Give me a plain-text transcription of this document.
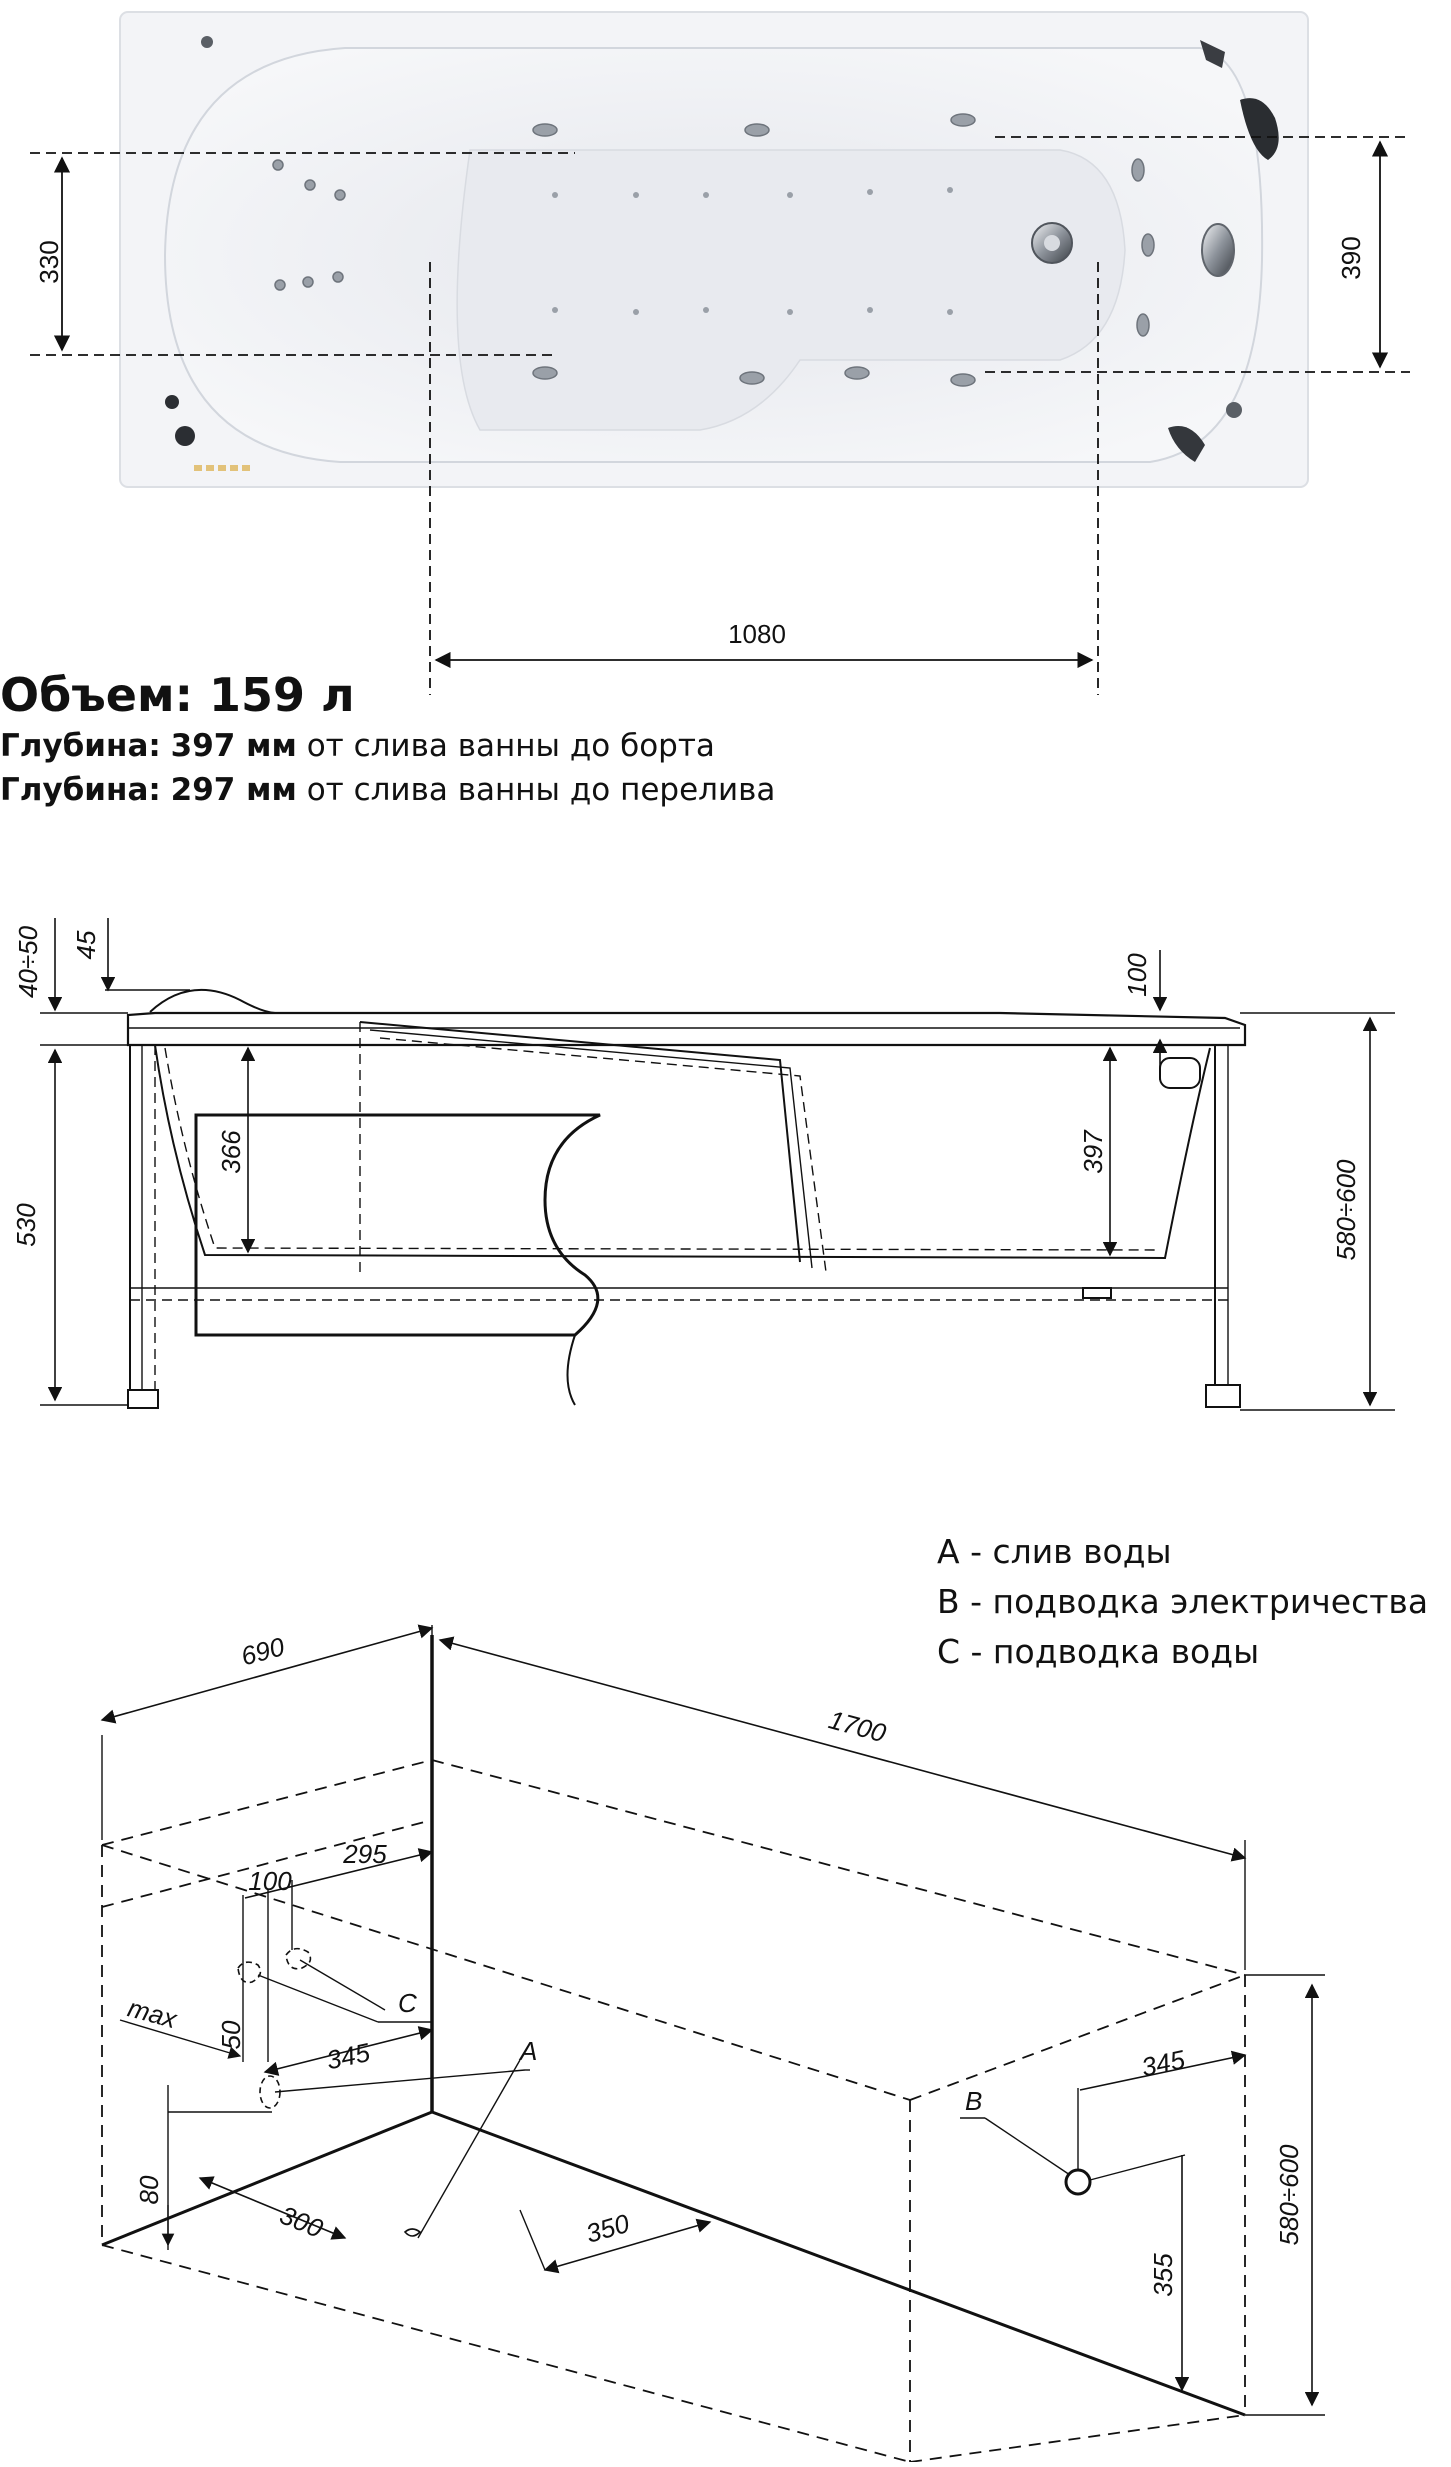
330	390
1080
40÷50 45
100
366	397
530	580÷600
690
1700
100
295
C
max
50
345	A
80
300	350
B
345
355
580÷600
Объем: 159 л
Глубина: 397 мм от слива ванны до борта
Глубина: 297 мм от слива ванны до перелива
А - слив воды
B - подводка электричества
С - подводка воды
